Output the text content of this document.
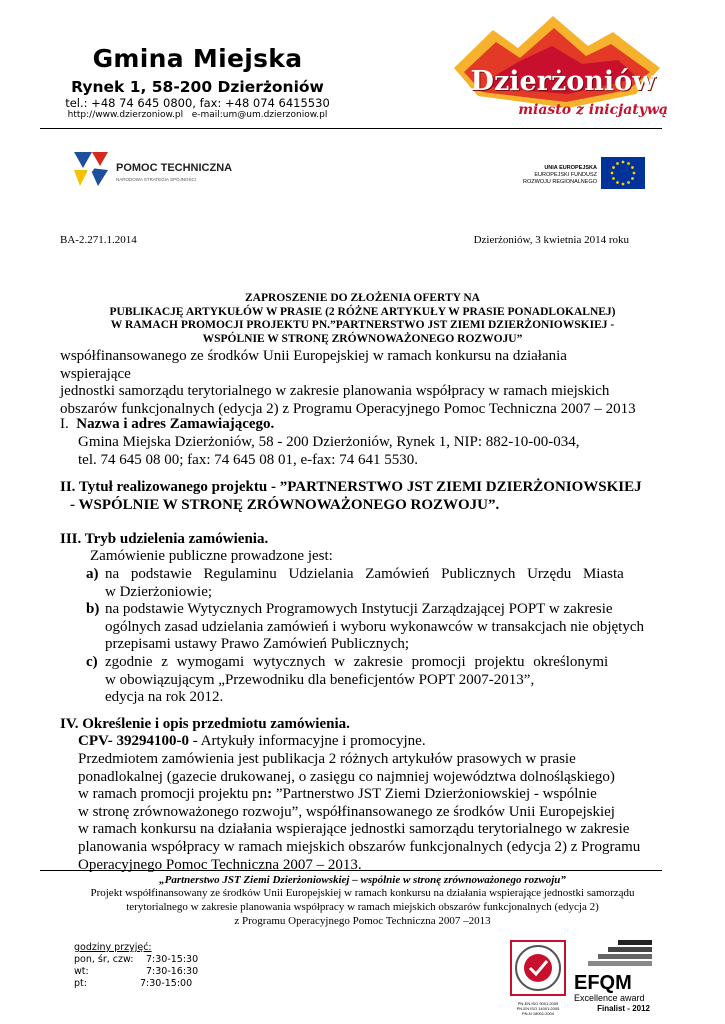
Gmina Miejska
Rynek 1, 58-200 Dzierżoniów
tel.: +48 74 645 0800, fax: +48 074 6415530
http://www.dzierzoniow.pl e-mail:um@um.dzierzoniow.pl
Dzierżoniów
miasto z inicjatywą
POMOC TECHNICZNA
NARODOWA STRATEGIA SPÓJNOŚCI
UNIA EUROPEJSKA
EUROPEJSKI FUNDUSZ
ROZWOJU REGIONALNEGO
BA-2.271.1.2014	Dzierżoniów, 3 kwietnia 2014 roku
ZAPROSZENIE DO ZŁOŻENIA OFERTY NA
PUBLIKACJĘ ARTYKUŁÓW W PRASIE (2 RÓŻNE ARTYKUŁY W PRASIE PONADLOKALNEJ)
W RAMACH PROMOCJI PROJEKTU PN.”PARTNERSTWO JST ZIEMI DZIERŻONIOWSKIEJ -
WSPÓLNIE W STRONĘ ZRÓWNOWAŻONEGO ROZWOJU”
współfinansowanego ze środków Unii Europejskiej w ramach konkursu na działania wspierające
jednostki samorządu terytorialnego w zakresie planowania współpracy w ramach miejskich
obszarów funkcjonalnych (edycja 2) z Programu Operacyjnego Pomoc Techniczna 2007 – 2013
I. Nazwa i adres Zamawiającego.
Gmina Miejska Dzierżoniów, 58 - 200 Dzierżoniów, Rynek 1, NIP: 882-10-00-034,
tel. 74 645 08 00; fax: 74 645 08 01, e-fax: 74 641 5530.
II. Tytuł realizowanego projektu - ”PARTNERSTWO JST ZIEMI DZIERŻONIOWSKIEJ
- WSPÓLNIE W STRONĘ ZRÓWNOWAŻONEGO ROZWOJU”.
III. Tryb udzielenia zamówienia.
Zamówienie publiczne prowadzone jest:
a) na podstawie Regulaminu Udzielania Zamówień Publicznych Urzędu Miasta
w Dzierżoniowie;
b) na podstawie Wytycznych Programowych Instytucji Zarządzającej POPT w zakresie
ogólnych zasad udzielania zamówień i wyboru wykonawców w transakcjach nie objętych
przepisami ustawy Prawo Zamówień Publicznych;
c) zgodnie z wymogami wytycznych w zakresie promocji projektu określonymi
w obowiązującym „Przewodniku dla beneficjentów POPT 2007-2013”,
edycja na rok 2012.
IV. Określenie i opis przedmiotu zamówienia.
CPV- 39294100-0 - Artykuły informacyjne i promocyjne.
Przedmiotem zamówienia jest publikacja 2 różnych artykułów prasowych w prasie
ponadlokalnej (gazecie drukowanej, o zasięgu co najmniej województwa dolnośląskiego)
w ramach promocji projektu pn: ”Partnerstwo JST Ziemi Dzierżoniowskiej - wspólnie
w stronę zrównoważonego rozwoju”, współfinansowanego ze środków Unii Europejskiej
w ramach konkursu na działania wspierające jednostki samorządu terytorialnego w zakresie
planowania współpracy w ramach miejskich obszarów funkcjonalnych (edycja 2) z Programu
Operacyjnego Pomoc Techniczna 2007 – 2013.
„Partnerstwo JST Ziemi Dzierżoniowskiej – wspólnie w stronę zrównoważonego rozwoju”
Projekt współfinansowany ze środków Unii Europejskiej w ramach konkursu na działania wspierające jednostki samorządu
terytorialnego w zakresie planowania współpracy w ramach miejskich obszarów funkcjonalnych (edycja 2)
z Programu Operacyjnego Pomoc Techniczna 2007 –2013
godziny przyjęć:
pon, śr, czw:	7:30-15:30
wt:	7:30-16:30
pt:	7:30-15:00
PN-EN ISO 9001:2009
PN-EN ISO 14001:2005
PN-N 18001:2004
EFQM
Excellence award
Finalist - 2012
